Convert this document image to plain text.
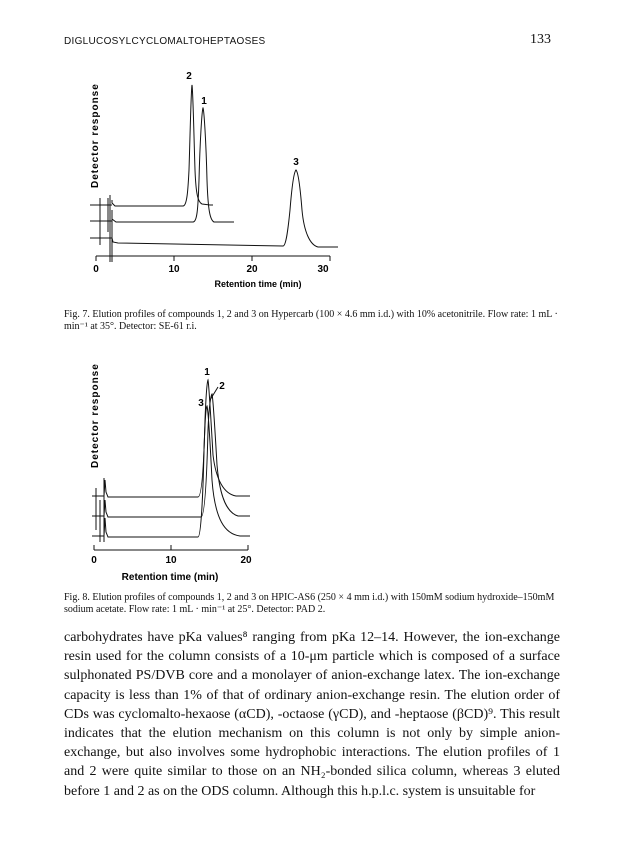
DIGLUCOSYLCYCLOMALTOHEPTAOSES	133
Detector response
0	10	20	30
Retention time (min)
2
1
3
Fig. 7. Elution profiles of compounds 1, 2 and 3 on Hypercarb (100 × 4.6 mm i.d.) with 10% acetonitrile. Flow rate: 1 mL · min⁻¹ at 35°. Detector: SE-61 r.i.
Detector response
0	10	20
Retention time (min)
1
2
3
Fig. 8. Elution profiles of compounds 1, 2 and 3 on HPIC-AS6 (250 × 4 mm i.d.) with 150mM sodium hydroxide–150mM sodium acetate. Flow rate: 1 mL · min⁻¹ at 25°. Detector: PAD 2.

carbohydrates have pKa values⁸ ranging from pKa 12–14. However, the ion-exchange resin used for the column consists of a 10-μm particle which is composed of a surface sulphonated PS/DVB core and a monolayer of anion-exchange latex. The ion-exchange capacity is less than 1% of that of ordinary anion-exchange resin. The elution order of CDs was cyclomalto-hexaose (αCD), -octaose (γCD), and -heptaose (βCD)⁹. This result indicates that the elution mechanism on this column is not only by simple anion-exchange, but also involves some hydrophobic interactions. The elution profiles of 1 and 2 were quite similar to those on an NH₂-bonded silica column, whereas 3 eluted before 1 and 2 as on the ODS column. Although this h.p.l.c. system is unsuitable for
